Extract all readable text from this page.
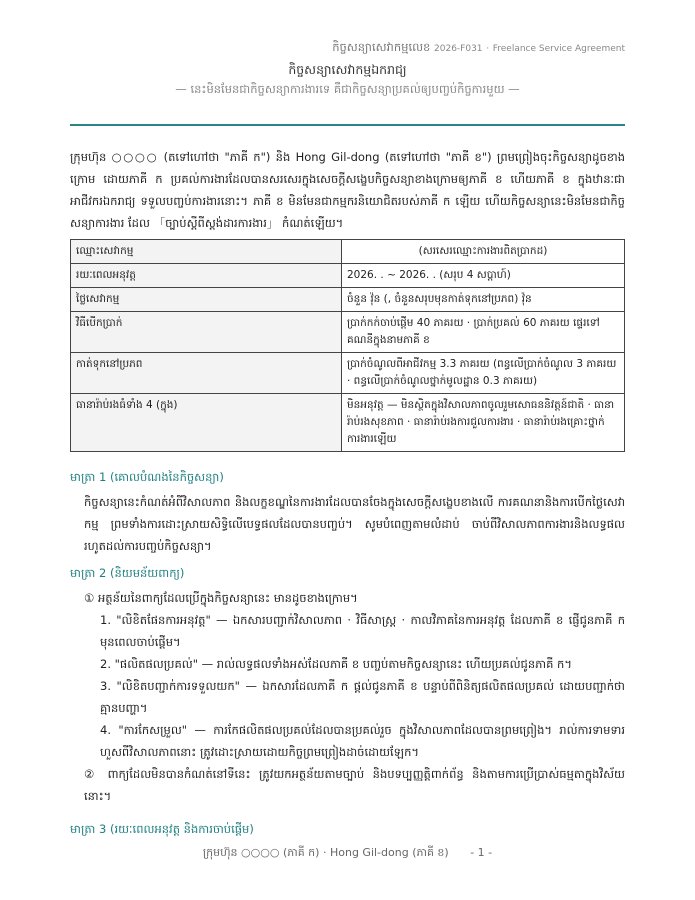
កិច្ចសន្យាសេវាកម្មលេខ 2026-F031 · Freelance Service Agreement
កិច្ចសន្យាសេវាកម្មឯករាជ្យ
— នេះមិនមែនជាកិច្ចសន្យាការងារទេ គឺជាកិច្ចសន្យាប្រគល់ឲ្យបញ្ចប់កិច្ចការមួយ —
ក្រុមហ៊ុន ○○○○ (តទៅហៅថា "ភាគី ក") និង Hong Gil-dong (តទៅហៅថា "ភាគី ខ") ព្រមព្រៀងចុះកិច្ចសន្យាដូចខាងក្រោម ដោយភាគី ក ប្រគល់ការងារដែលបានសរសេរក្នុងសេចក្តីសង្ខេបកិច្ចសន្យាខាងក្រោមឲ្យភាគី ខ ហើយភាគី ខ ក្នុងឋានៈជាអាជីវករឯករាជ្យ ទទួលបញ្ចប់ការងារនោះ។ ភាគី ខ មិនមែនជាកម្មករនិយោជិតរបស់ភាគី ក ឡើយ ហើយកិច្ចសន្យានេះមិនមែនជាកិច្ចសន្យាការងារ ដែល 「ច្បាប់ស្តីពីស្តង់ដារការងារ」 កំណត់ឡើយ។
ឈ្មោះសេវាកម្ម	(សរសេរឈ្មោះការងារពិតប្រាកដ)
រយៈពេលអនុវត្ត	2026. . ~ 2026. . (សរុប 4 សប្តាហ៍)
ថ្លៃសេវាកម្ម	ចំនួន វ៉ុន (, ចំនួនសរុបមុនកាត់ទុកនៅប្រភព) វ៉ុន
វិធីបើកប្រាក់	ប្រាក់កក់ចាប់ផ្តើម 40 ភាគរយ · ប្រាក់ប្រគល់ 60 ភាគរយ ផ្ទេរទៅគណនីក្នុងនាមភាគី ខ
កាត់ទុកនៅប្រភព	ប្រាក់ចំណូលពីអាជីវកម្ម 3.3 ភាគរយ (ពន្ធលើប្រាក់ចំណូល 3 ភាគរយ · ពន្ធលើប្រាក់ចំណូលថ្នាក់មូលដ្ឋាន 0.3 ភាគរយ)
ធានារ៉ាប់រងធំទាំង 4 (ក្នុង)	មិនអនុវត្ត — មិនស្ថិតក្នុងវិសាលភាពចូលរួមសោធននិវត្តន៍ជាតិ · ធានារ៉ាប់រងសុខភាព · ធានារ៉ាប់រងការជួលការងារ · ធានារ៉ាប់រងគ្រោះថ្នាក់ការងារឡើយ
មាត្រា 1 (គោលបំណងនៃកិច្ចសន្យា)
កិច្ចសន្យានេះកំណត់អំពីវិសាលភាព និងលក្ខខណ្ឌនៃការងារដែលបានចែងក្នុងសេចក្តីសង្ខេបខាងលើ ការគណនានិងការបើកថ្លៃសេវាកម្ម ព្រមទាំងការដោះស្រាយសិទ្ធិលើបេទ្ធផលដែលបានបញ្ចប់។ សូមបំពេញតាមលំដាប់ ចាប់ពីវិសាលភាពការងារនិងលទ្ធផល រហូតដល់ការបញ្ចប់កិច្ចសន្យា។
មាត្រា 2 (និយមន័យពាក្យ)
① អត្ថន័យនៃពាក្យដែលប្រើក្នុងកិច្ចសន្យានេះ មានដូចខាងក្រោម។
1. "លិខិតផែនការអនុវត្ត" — ឯកសារបញ្ជាក់វិសាលភាព · វិធីសាស្ត្រ · កាលវិភាគនៃការអនុវត្ត ដែលភាគី ខ ផ្ញើជូនភាគី ក មុនពេលចាប់ផ្តើម។
2. "ផលិតផលប្រគល់" — រាល់លទ្ធផលទាំងអស់ដែលភាគី ខ បញ្ចប់តាមកិច្ចសន្យានេះ ហើយប្រគល់ជូនភាគី ក។
3. "លិខិតបញ្ជាក់ការទទួលយក" — ឯកសារដែលភាគី ក ផ្តល់ជូនភាគី ខ បន្ទាប់ពីពិនិត្យផលិតផលប្រគល់ ដោយបញ្ជាក់ថាគ្មានបញ្ហា។
4. "ការកែសម្រួល" — ការកែផលិតផលប្រគល់ដែលបានប្រគល់រួច ក្នុងវិសាលភាពដែលបានព្រមព្រៀង។ រាល់ការទាមទារហួសពីវិសាលភាពនោះ ត្រូវដោះស្រាយដោយកិច្ចព្រមព្រៀងដាច់ដោយឡែក។
② ពាក្យដែលមិនបានកំណត់នៅទីនេះ ត្រូវយកអត្ថន័យតាមច្បាប់ និងបទប្បញ្ញត្តិពាក់ព័ន្ធ និងតាមការប្រើប្រាស់ធម្មតាក្នុងវិស័យនោះ។
មាត្រា 3 (រយៈពេលអនុវត្ត និងការចាប់ផ្តើម)
ក្រុមហ៊ុន ○○○○ (ភាគី ក) · Hong Gil-dong (ភាគី ខ) - 1 -
